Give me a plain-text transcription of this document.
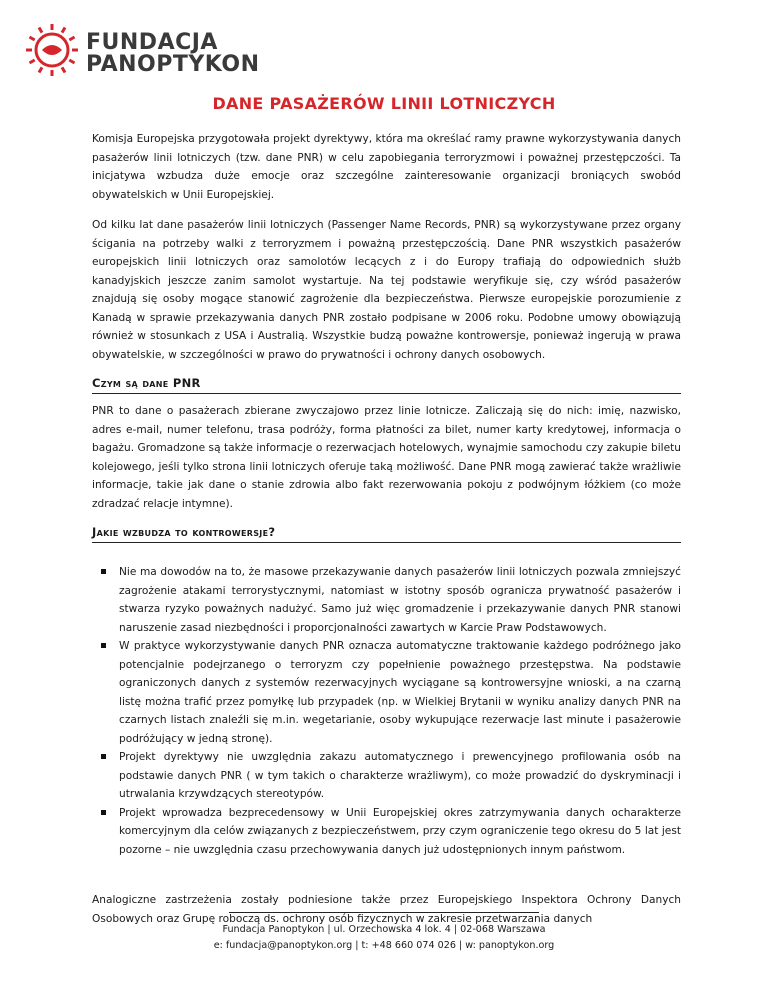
FUNDACJA
PANOPTYKON
DANE PASAŻERÓW LINII LOTNICZYCH

Komisja Europejska przygotowała projekt dyrektywy, która ma określać ramy prawne wykorzystywania danych pasażerów linii lotniczych (tzw. dane PNR) w celu zapobiegania terroryzmowi i poważnej przestępczości. Ta inicjatywa wzbudza duże emocje oraz szczególne zainteresowanie organizacji broniących swobód obywatelskich w Unii Europejskiej.

Od kilku lat dane pasażerów linii lotniczych (Passenger Name Records, PNR) są wykorzystywane przez organy ścigania na potrzeby walki z terroryzmem i poważną przestępczością. Dane PNR wszystkich pasażerów europejskich linii lotniczych oraz samolotów lecących z i do Europy trafiają do odpowiednich służb kanadyjskich jeszcze zanim samolot wystartuje. Na tej podstawie weryfikuje się, czy wśród pasażerów znajdują się osoby mogące stanowić zagrożenie dla bezpieczeństwa. Pierwsze europejskie porozumienie z Kanadą w sprawie przekazywania danych PNR zostało podpisane w 2006 roku. Podobne umowy obowiązują również w stosunkach z USA i Australią. Wszystkie budzą poważne kontrowersje, ponieważ ingerują w prawa obywatelskie, w szczególności w prawo do prywatności i ochrony danych osobowych.

Czym są dane PNR

PNR to dane o pasażerach zbierane zwyczajowo przez linie lotnicze. Zaliczają się do nich: imię, nazwisko, adres e-mail, numer telefonu, trasa podróży, forma płatności za bilet, numer karty kredytowej, informacja o bagażu. Gromadzone są także informacje o rezerwacjach hotelowych, wynajmie samochodu czy zakupie biletu kolejowego, jeśli tylko strona linii lotniczych oferuje taką możliwość. Dane PNR mogą zawierać także wrażliwie informacje, takie jak dane o stanie zdrowia albo fakt rezerwowania pokoju z podwójnym łóżkiem (co może zdradzać relacje intymne).

Jakie wzbudza to kontrowersje?
Nie ma dowodów na to, że masowe przekazywanie danych pasażerów linii lotniczych pozwala zmniejszyć zagrożenie atakami terrorystycznymi, natomiast w istotny sposób ogranicza prywatność pasażerów i stwarza ryzyko poważnych nadużyć. Samo już więc gromadzenie i przekazywanie danych PNR stanowi naruszenie zasad niezbędności i proporcjonalności zawartych w Karcie Praw Podstawowych.
W praktyce wykorzystywanie danych PNR oznacza automatyczne traktowanie każdego podróżnego jako potencjalnie podejrzanego o terroryzm czy popełnienie poważnego przestępstwa. Na podstawie ograniczonych danych z systemów rezerwacyjnych wyciągane są kontrowersyjne wnioski, a na czarną listę można trafić przez pomyłkę lub przypadek (np. w Wielkiej Brytanii w wyniku analizy danych PNR na czarnych listach znaleźli się m.in. wegetarianie, osoby wykupujące rezerwacje last minute i pasażerowie podróżujący w jedną stronę).
Projekt dyrektywy nie uwzględnia zakazu automatycznego i prewencyjnego profilowania osób na podstawie danych PNR ( w tym takich o charakterze wrażliwym), co może prowadzić do dyskryminacji i utrwalania krzywdzących stereotypów.
Projekt wprowadza bezprecedensowy w Unii Europejskiej okres zatrzymywania danych ocharakterze komercyjnym dla celów związanych z bezpieczeństwem, przy czym ograniczenie tego okresu do 5 lat jest pozorne – nie uwzględnia czasu przechowywania danych już udostępnionych innym państwom.

Analogiczne zastrzeżenia zostały podniesione także przez Europejskiego Inspektora Ochrony Danych Osobowych oraz Grupę roboczą ds. ochrony osób fizycznych w zakresie przetwarzania danych

Fundacja Panoptykon | ul. Orzechowska 4 lok. 4 | 02-068 Warszawa
e: fundacja@panoptykon.org | t: +48 660 074 026 | w: panoptykon.org
